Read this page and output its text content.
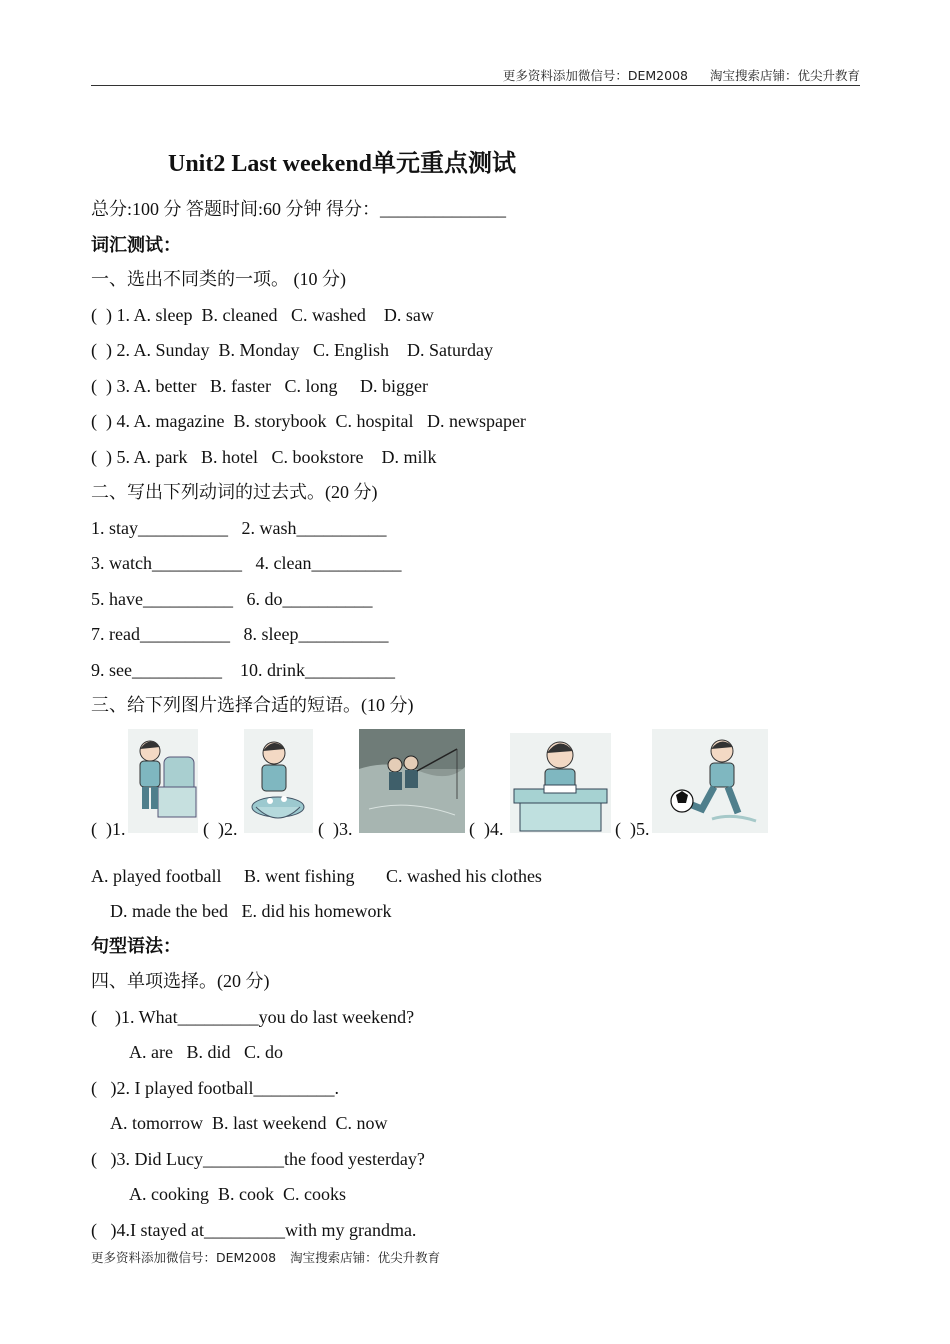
更多资料添加微信号：DEM2008 淘宝搜索店铺：优尖升教育
Unit2 Last weekend单元重点测试
总分:100 分 答题时间:60 分钟 得分：______________
词汇测试：
一、选出不同类的一项。 (10 分)
(  ) 1. A. sleep  B. cleaned   C. washed    D. saw
(  ) 2. A. Sunday  B. Monday   C. English    D. Saturday
(  ) 3. A. better   B. faster   C. long     D. bigger
(  ) 4. A. magazine  B. storybook  C. hospital   D. newspaper
(  ) 5. A. park   B. hotel   C. bookstore    D. milk
二、写出下列动词的过去式。(20 分)
1. stay__________   2. wash__________
3. watch__________   4. clean__________
5. have__________   6. do__________
7. read__________   8. sleep__________
9. see__________    10. drink__________
三、给下列图片选择合适的短语。(10 分)
(  )1.	(  )2.	(  )3.	(  )4.	(  )5.
A. played football     B. went fishing       C. washed his clothes
D. made the bed   E. did his homework
句型语法：
四、单项选择。(20 分)
(    )1. What_________you do last weekend?
A. are   B. did   C. do
(   )2. I played football_________.
A. tomorrow  B. last weekend  C. now
(   )3. Did Lucy_________the food yesterday?
A. cooking  B. cook  C. cooks
(   )4.I stayed at_________with my grandma.
更多资料添加微信号：DEM2008 淘宝搜索店铺：优尖升教育
